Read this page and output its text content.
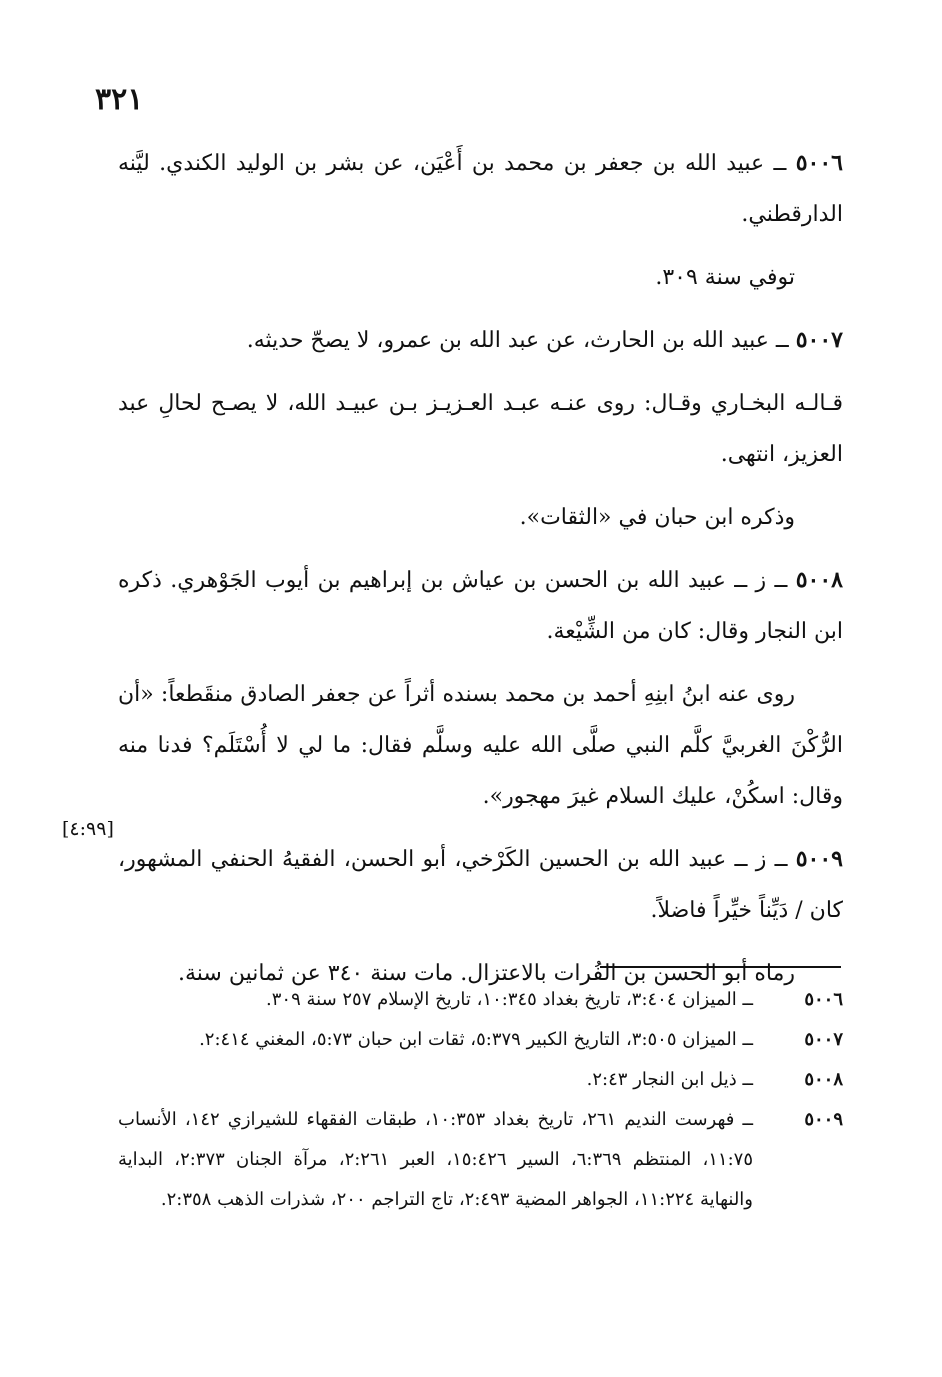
٣٢١

٥٠٠٦ ــ عبيد الله بن جعفر بن محمد بن أَعْيَن، عن بشر بن الوليد الكندي. ليَّنه الدارقطني.

توفي سنة ٣٠٩.

٥٠٠٧ ــ عبيد الله بن الحارث، عن عبد الله بن عمرو، لا يصحّ حديثه.

قـالـه البخـاري وقـال: روى عنـه عبـد العـزيـز بـن عبيـد الله، لا يصـح لحالِ عبد العزيز، انتهى.

وذكره ابن حبان في «الثقات».

٥٠٠٨ ــ ز ــ عبيد الله بن الحسن بن عياش بن إبراهيم بن أيوب الجَوْهري. ذكره ابن النجار وقال: كان من الشِّيْعة.

روى عنه ابنُ ابنِهِ أحمد بن محمد بسنده أثراً عن جعفر الصادق منقَطعاً: «أن الرُّكْنَ الغربيَّ كلَّم النبي صلَّى الله عليه وسلَّم فقال: ما لي لا أُسْتَلَم؟ فدنا منه وقال: اسكُنْ، عليك السلام غيرَ مهجور».

٥٠٠٩ ــ ز ــ عبيد الله بن الحسين الكَرْخي، أبو الحسن، الفقيهُ الحنفي المشهور، كان / دَيِّناً خيِّراً فاضلاً.

رماه أبو الحسن بن الفُرات بالاعتزال. مات سنة ٣٤٠ عن ثمانين سنة.

[٤:٩٩]
٥٠٠٦
ــ الميزان ٣:٤٠٤، تاريخ بغداد ١٠:٣٤٥، تاريخ الإسلام ٢٥٧ سنة ٣٠٩.
٥٠٠٧
ــ الميزان ٣:٥٠٥، التاريخ الكبير ٥:٣٧٩، ثقات ابن حبان ٥:٧٣، المغني ٢:٤١٤.
٥٠٠٨
ــ ذيل ابن النجار ٢:٤٣.
٥٠٠٩
ــ فهرست النديم ٢٦١، تاريخ بغداد ١٠:٣٥٣، طبقات الفقهاء للشيرازي ١٤٢، الأنساب ١١:٧٥، المنتظم ٦:٣٦٩، السير ١٥:٤٢٦، العبر ٢:٢٦١، مرآة الجنان ٢:٣٧٣، البداية والنهاية ١١:٢٢٤، الجواهر المضية ٢:٤٩٣، تاج التراجم ٢٠٠، شذرات الذهب ٢:٣٥٨.
